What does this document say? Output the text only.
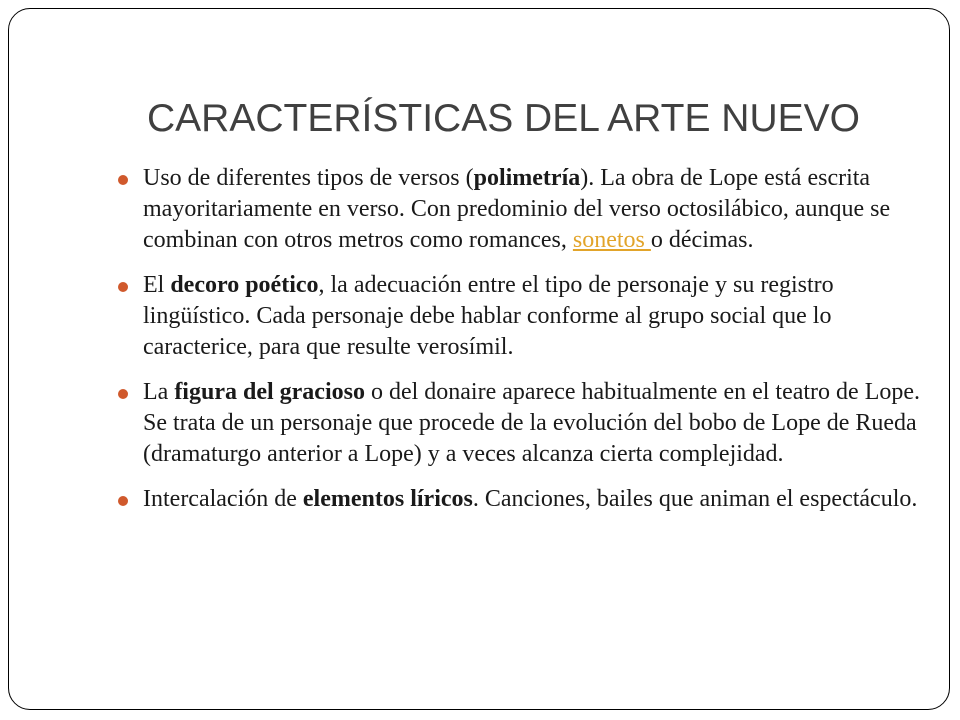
CARACTERÍSTICAS DEL ARTE NUEVO
Uso de diferentes tipos de versos (polimetría). La obra de Lope está escrita mayoritariamente en verso. Con predominio del verso octosilábico, aunque se combinan con otros metros como romances, sonetos o décimas.
El decoro poético, la adecuación entre el tipo de personaje y su registro lingüístico. Cada personaje debe hablar conforme al grupo social que lo caracterice, para que resulte verosímil.
La figura del gracioso o del donaire aparece habitualmente en el teatro de Lope. Se trata de un personaje que procede de la evolución del bobo de Lope de Rueda (dramaturgo anterior a Lope) y a veces alcanza cierta complejidad.
Intercalación de elementos líricos. Canciones, bailes que animan el espectáculo.
